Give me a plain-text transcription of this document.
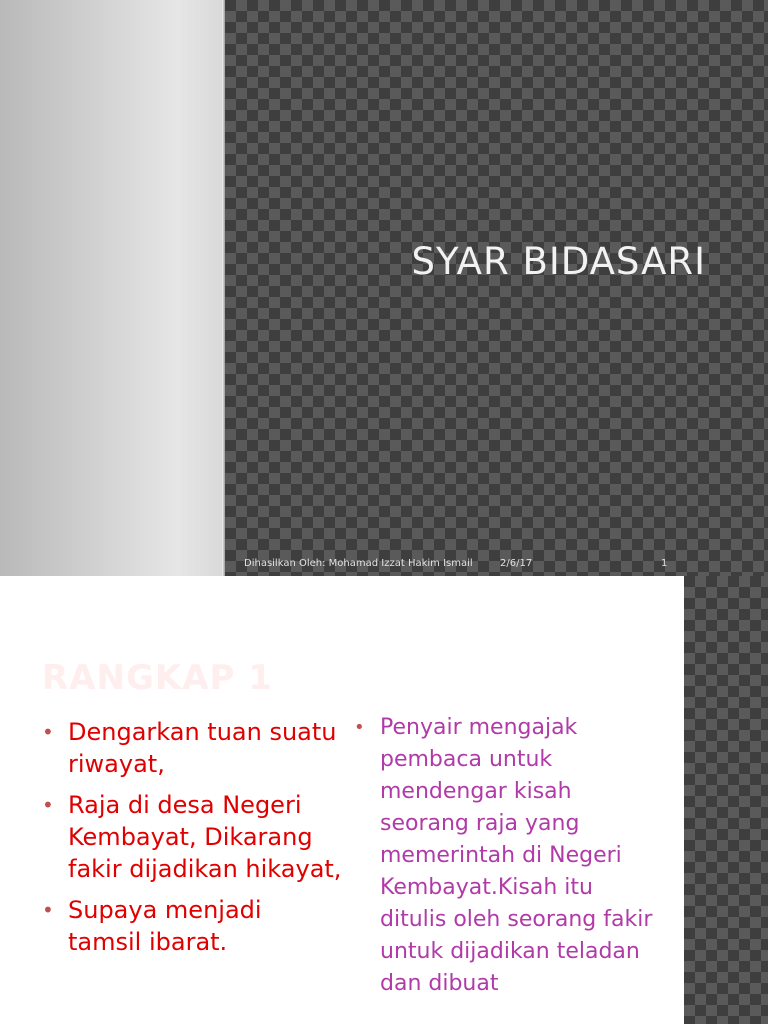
SYAR BIDASARI
Dihasilkan Oleh: Mohamad Izzat Hakim Ismail	2/6/17	1
RANGKAP 1
• Dengarkan tuan suatu riwayat,
• Raja di desa Negeri Kembayat, Dikarang fakir dijadikan hikayat,
• Supaya menjadi tamsil ibarat.
• Penyair mengajak pembaca untuk mendengar kisah seorang raja yang memerintah di Negeri Kembayat.Kisah itu ditulis oleh seorang fakir untuk dijadikan teladan dan dibuat
